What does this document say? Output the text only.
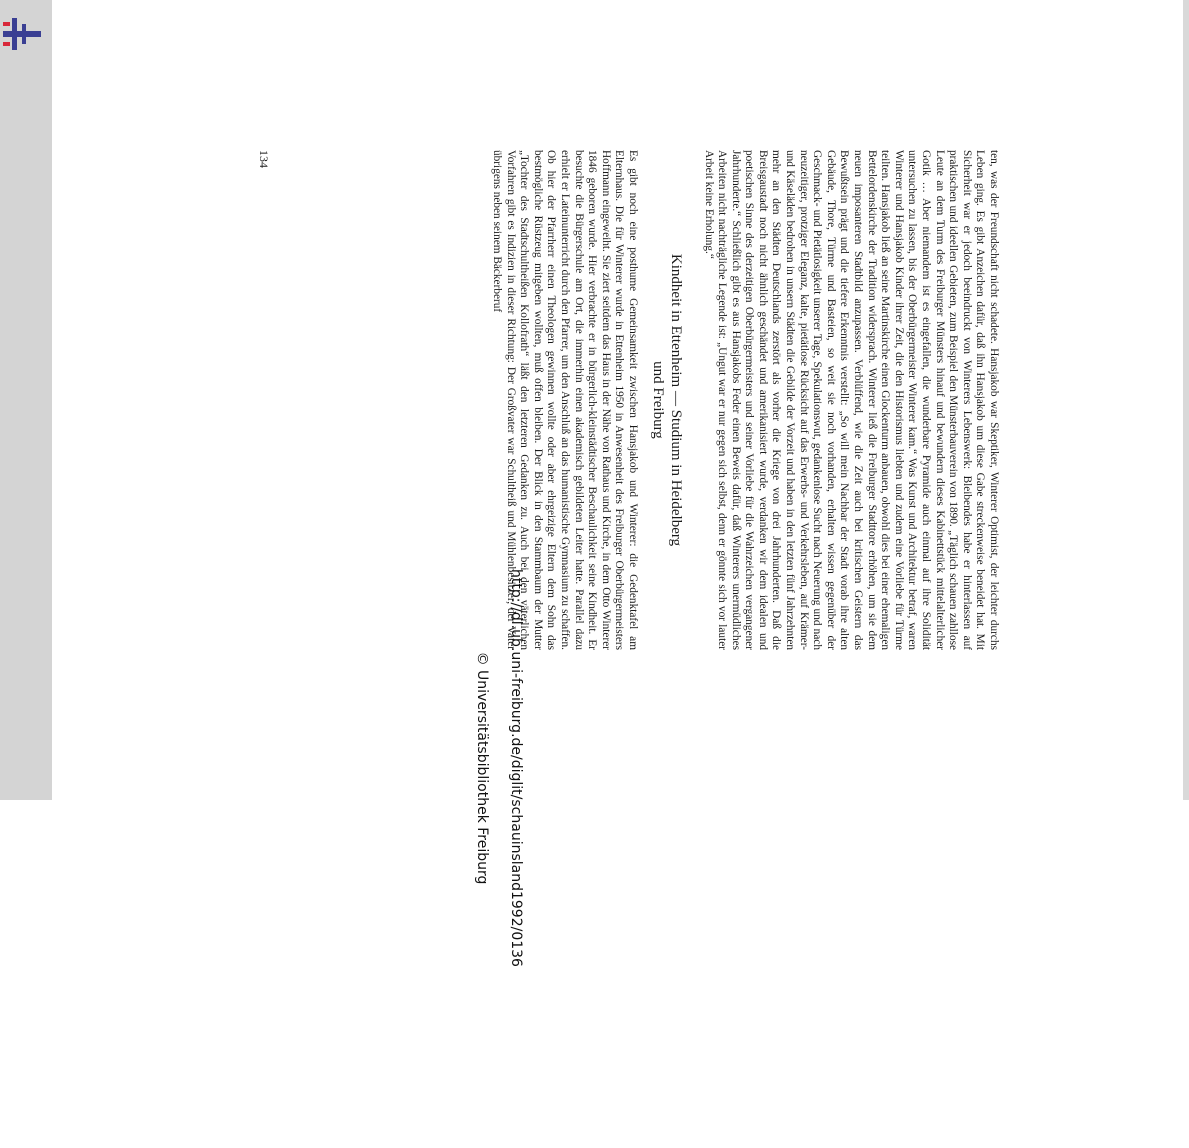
http://dl.ub.uni-freiburg.de/diglit/schauinsland1992/0136
© Universitätsbibliothek Freiburg

ten, was der Freundschaft nicht schadete. Hansjakob war Skeptiker, Winterer Optimist, der leichter durchs Leben ging. Es gibt Anzeichen dafür, daß ihn Hansjakob um diese Gabe streckenweise beneidet hat. Mit Sicherheit war er jedoch beeindruckt von Winterers Lebenswerk: Bleibendes habe er hinterlassen auf praktischen und ideellen Gebieten, zum Beispiel den Münsterbauverein von 1890. „Täglich schauen zahllose Leute an dem Turm des Freiburger Münsters hinauf und bewundern dieses Kabinettstück mittelalterlicher Gotik … Aber niemandem ist es eingefallen, die wunderbare Pyramide auch einmal auf ihre Solidität untersuchen zu lassen, bis der Oberbürgermeister Winterer kam.“ Was Kunst und Architektur betraf, waren Winterer und Hansjakob Kinder ihrer Zeit, die den Historismus liebten und zudem eine Vorliebe für Türme teilten. Hansjakob ließ an seine Martinskirche einen Glockenturm anbauen, obwohl dies bei einer ehemaligen Bettelordenskirche der Tradition widersprach. Winterer ließ die Freiburger Stadttore erhöhen, um sie dem neuen imposanteren Stadtbild anzupassen. Verblüffend, wie die Zeit auch bei kritischen Geistern das Bewußtsein prägt und die tiefere Erkenntnis verstellt: „So will mein Nachbar der Stadt vorab ihre alten Gebäude, Thore, Türme und Basteien, so weit sie noch vorhanden, erhalten wissen gegenüber der Geschmack- und Pietätlosigkeit unserer Tage, Spekulationswut, gedankenlose Sucht nach Neuerung und nach neuzeitiger, protziger Eleganz, kalte, pietätlose Rücksicht auf das Erwerbs- und Verkehrsleben, auf Krämer- und Käseläden bedrohen in unsern Städten die Gebilde der Vorzeit und haben in den letzten fünf Jahrzehnten mehr an den Städten Deutschlands zerstört als vorher die Kriege von drei Jahrhunderten. Daß die Breisgaustadt noch nicht ähnlich geschändet und amerikanisiert wurde, verdanken wir dem idealen und poetischen Sinne des derzeitigen Oberbürgermeisters und seiner Vorliebe für die Wahrzeichen vergangener Jahrhunderte.“ Schließlich gibt es aus Hansjakobs Feder einen Beweis dafür, daß Winterers unermüdliches Arbeiten nicht nachträgliche Legende ist: „Ungut war er nur gegen sich selbst, denn er gönnte sich vor lauter Arbeit keine Erholung.“

Kindheit in Ettenheim — Studium in Heidelberg
und Freiburg

Es gibt noch eine posthume Gemeinsamkeit zwischen Hansjakob und Winterer: die Gedenktafel am Elternhaus. Die für Winterer wurde in Ettenheim 1950 in Anwesenheit des Freiburger Oberbürgermeisters Hoffmann eingeweiht. Sie ziert seitdem das Haus in der Nähe von Rathaus und Kirche, in dem Otto Winterer 1846 geboren wurde. Hier verbrachte er in bürgerlich-kleinstädtischer Beschaulichkeit seine Kindheit. Er besuchte die Bürgerschule am Ort, die immerhin einen akademisch gebildeten Leiter hatte. Parallel dazu erhielt er Lateinunterricht durch den Pfarrer, um den Anschluß an das humanistische Gymnasium zu schaffen. Ob hier der Pfarrherr einen Theologen gewinnen wollte oder aber ehrgeizige Eltern dem Sohn das bestmögliche Rüstzeug mitgeben wollten, muß offen bleiben. Der Blick in den Stammbaum der Mutter „Tochter des Stadtschultheißen Kollofrath“ läßt den letzteren Gedanken zu. Auch bei den väterlichen Vorfahren gibt es Indizien in dieser Richtung: Der Großvater war Schultheiß und Mühlenbesitzer, der Vater übrigens neben seinem Bäckerberuf

134
